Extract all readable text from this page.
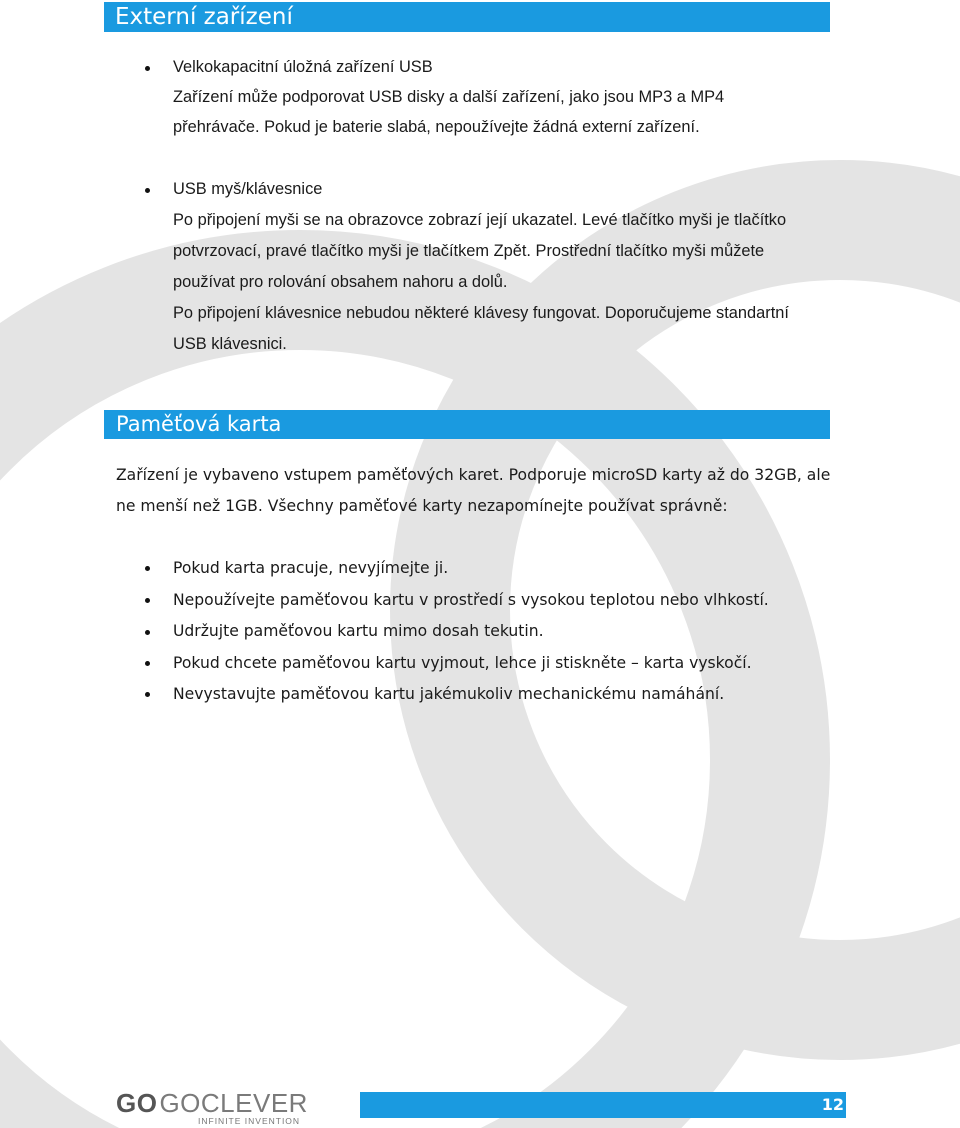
Externí zařízení
Velkokapacitní úložná zařízení USB
Zařízení může podporovat USB disky a další zařízení, jako jsou MP3 a MP4
přehrávače. Pokud je baterie slabá, nepoužívejte žádná externí zařízení.
USB myš/klávesnice
Po připojení myši se na obrazovce zobrazí její ukazatel. Levé tlačítko myši je tlačítko
potvrzovací, pravé tlačítko myši je tlačítkem Zpět. Prostřední tlačítko myši můžete
používat pro rolování obsahem nahoru a dolů.
Po připojení klávesnice nebudou některé klávesy fungovat. Doporučujeme standartní
USB klávesnici.
Paměťová karta
Zařízení je vybaveno vstupem paměťových karet. Podporuje microSD karty až do 32GB, ale
ne menší než 1GB. Všechny paměťové karty nezapomínejte používat správně:
Pokud karta pracuje, nevyjímejte ji.
Nepoužívejte paměťovou kartu v prostředí s vysokou teplotou nebo vlhkostí.
Udržujte paměťovou kartu mimo dosah tekutin.
Pokud chcete paměťovou kartu vyjmout, lehce ji stiskněte – karta vyskočí.
Nevystavujte paměťovou kartu jakémukoliv mechanickému namáhání.
GOGOCLEVER
INFINITE INVENTION
12
